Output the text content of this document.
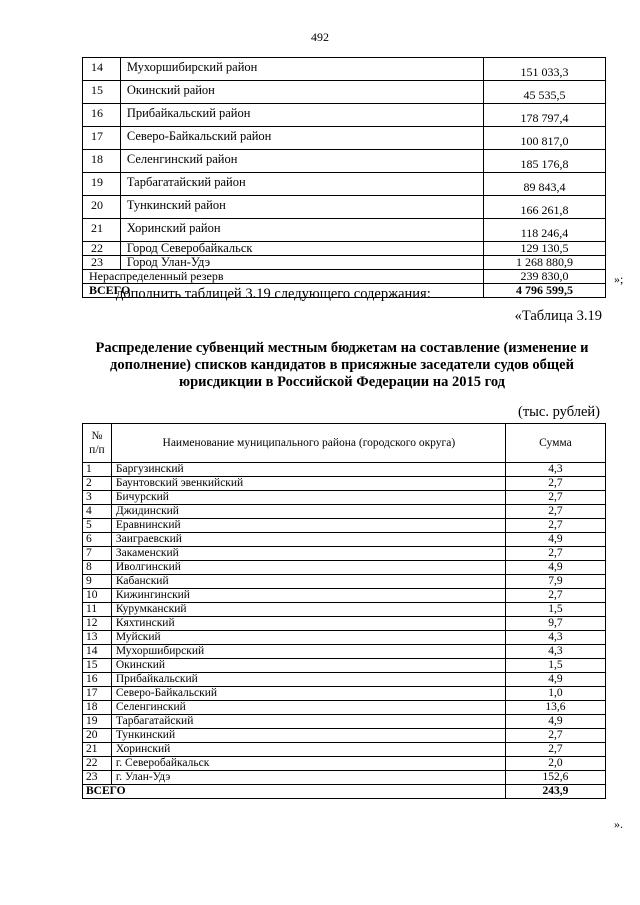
492
14	Мухоршибирский район	151 033,3
15	Окинский район	45 535,5
16	Прибайкальский район	178 797,4
17	Северо-Байкальский район	100 817,0
18	Селенгинский район	185 176,8
19	Тарбагатайский район	89 843,4
20	Тункинский район	166 261,8
21	Хоринский район	118 246,4
22	Город Северобайкальск	129 130,5
23	Город Улан-Удэ	1 268 880,9
Нераспределенный резерв		239 830,0
ВСЕГО		4 796 599,5
»;
дополнить таблицей 3.19 следующего содержания:
«Таблица 3.19
Распределение субвенций местным бюджетам на составление (изменение и дополнение) списков кандидатов в присяжные заседатели судов общей юрисдикции в Российской Федерации на 2015 год
(тыс. рублей)
№
п/п	Наименование муниципального района (городского округа)	Сумма
1	Баргузинский	4,3
2	Баунтовский эвенкийский	2,7
3	Бичурский	2,7
4	Джидинский	2,7
5	Еравнинский	2,7
6	Заиграевский	4,9
7	Закаменский	2,7
8	Иволгинский	4,9
9	Кабанский	7,9
10	Кижингинский	2,7
11	Курумканский	1,5
12	Кяхтинский	9,7
13	Муйский	4,3
14	Мухоршибирский	4,3
15	Окинский	1,5
16	Прибайкальский	4,9
17	Северо-Байкальский	1,0
18	Селенгинский	13,6
19	Тарбагатайский	4,9
20	Тункинский	2,7
21	Хоринский	2,7
22	г. Северобайкальск	2,0
23	г. Улан-Удэ	152,6
ВСЕГО		243,9
».
